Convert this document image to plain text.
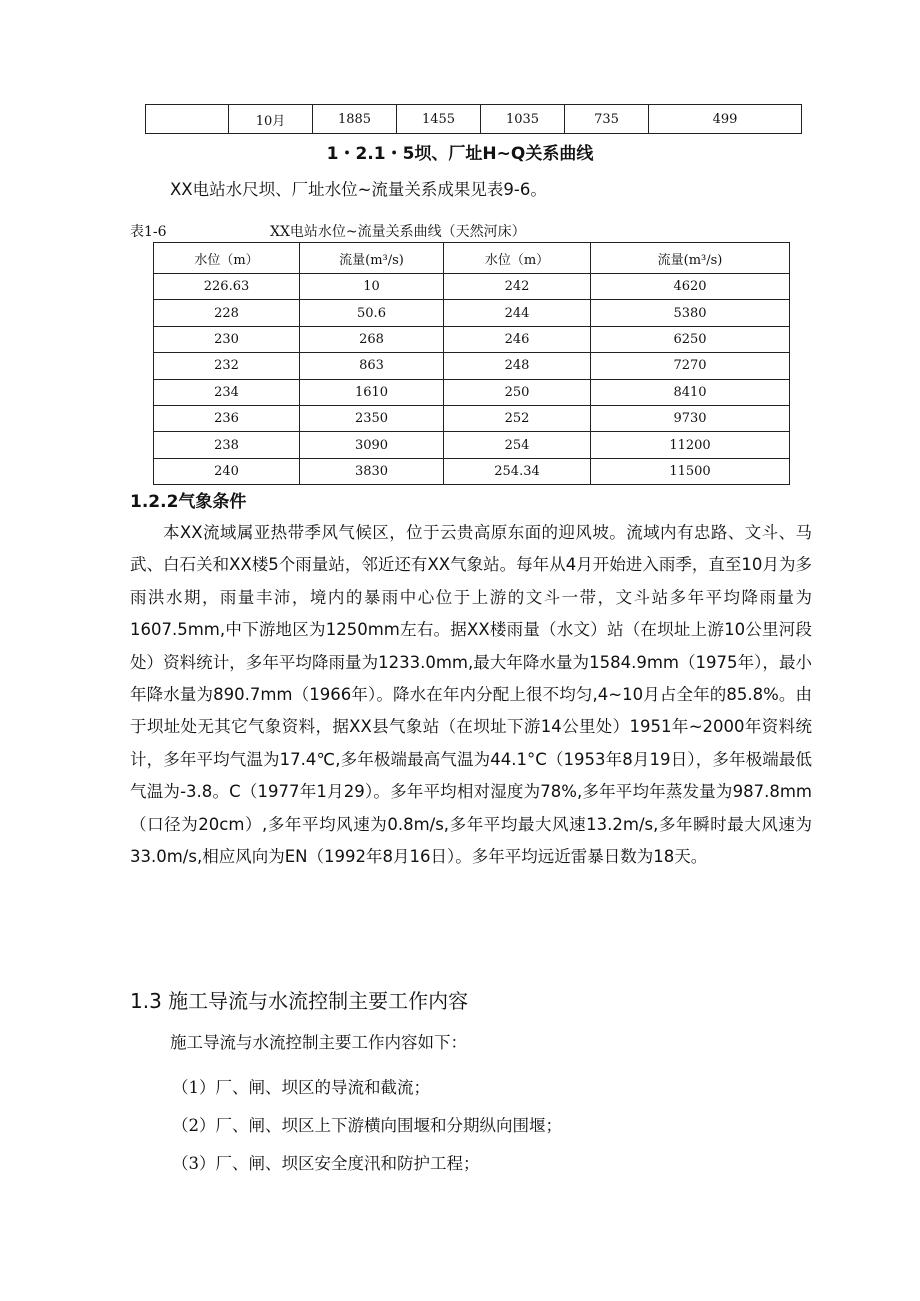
	10月	1885	1455	1035	735	499
1・2.1・5坝、厂址H~Q关系曲线
XX电站水尺坝、厂址水位~流量关系成果见表9-6。
表1-6	XX电站水位~流量关系曲线（天然河床）
水位（m）	流量(m³/s)	水位（m）	流量(m³/s)
226.63	10	242	4620
228	50.6	244	5380
230	268	246	6250
232	863	248	7270
234	1610	250	8410
236	2350	252	9730
238	3090	254	11200
240	3830	254.34	11500
1.2.2气象条件

本XX流域属亚热带季风气候区，位于云贵高原东面的迎风坡。流域内有忠路、文斗、马武、白石关和XX楼5个雨量站，邻近还有XX气象站。每年从4月开始进入雨季，直至10月为多雨洪水期，雨量丰沛，境内的暴雨中心位于上游的文斗一带，文斗站多年平均降雨量为1607.5mm,中下游地区为1250mm左右。据XX楼雨量（水文）站（在坝址上游10公里河段处）资料统计，多年平均降雨量为1233.0mm,最大年降水量为1584.9mm（1975年），最小年降水量为890.7mm（1966年）。降水在年内分配上很不均匀,4~10月占全年的85.8%。由于坝址处无其它气象资料，据XX县气象站（在坝址下游14公里处）1951年~2000年资料统计，多年平均气温为17.4℃,多年极端最高气温为44.1°C（1953年8月19日），多年极端最低气温为-3.8。C（1977年1月29）。多年平均相对湿度为78%,多年平均年蒸发量为987.8mm（口径为20cm）,多年平均风速为0.8m/s,多年平均最大风速13.2m/s,多年瞬时最大风速为33.0m/s,相应风向为EN（1992年8月16日）。多年平均远近雷暴日数为18天。

1.3 施工导流与水流控制主要工作内容
施工导流与水流控制主要工作内容如下：
（1）厂、闸、坝区的导流和截流；
（2）厂、闸、坝区上下游横向围堰和分期纵向围堰；
（3）厂、闸、坝区安全度汛和防护工程；
